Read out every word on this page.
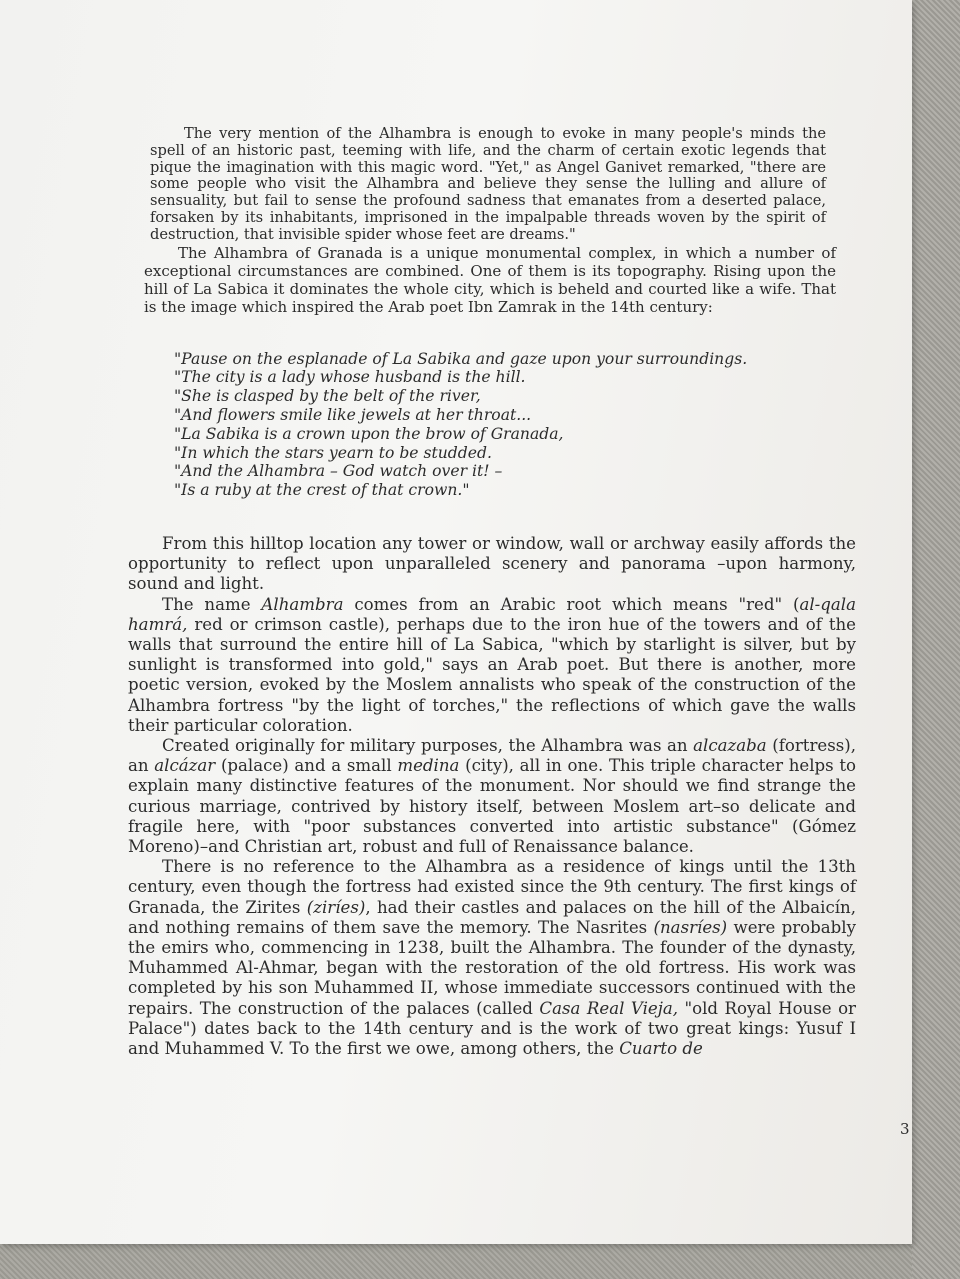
The very mention of the Alhambra is enough to evoke in many people's minds the spell of an historic past, teeming with life, and the charm of certain exotic legends that pique the imagination with this magic word. "Yet," as Angel Ganivet remarked, "there are some people who visit the Alhambra and believe they sense the lulling and allure of sensuality, but fail to sense the profound sadness that emanates from a deserted palace, forsaken by its inhabitants, imprisoned in the impalpable threads woven by the spirit of destruction, that invisible spider whose feet are dreams."

The Alhambra of Granada is a unique monumental complex, in which a number of exceptional circumstances are combined. One of them is its topography. Rising upon the hill of La Sabica it dominates the whole city, which is beheld and courted like a wife. That is the image which inspired the Arab poet Ibn Zamrak in the 14th century:

"Pause on the esplanade of La Sabika and gaze upon your surroundings.
"The city is a lady whose husband is the hill.
"She is clasped by the belt of the river,
"And flowers smile like jewels at her throat...
"La Sabika is a crown upon the brow of Granada,
"In which the stars yearn to be studded.
"And the Alhambra – God watch over it! –
"Is a ruby at the crest of that crown."

From this hilltop location any tower or window, wall or archway easily affords the opportunity to reflect upon unparalleled scenery and panorama –upon harmony, sound and light.

The name Alhambra comes from an Arabic root which means "red" (al-qala hamrá, red or crimson castle), perhaps due to the iron hue of the towers and of the walls that surround the entire hill of La Sabica, "which by starlight is silver, but by sunlight is transformed into gold," says an Arab poet. But there is another, more poetic version, evoked by the Moslem annalists who speak of the construction of the Alhambra fortress "by the light of torches," the reflections of which gave the walls their particular coloration.

Created originally for military purposes, the Alhambra was an alcazaba (fortress), an alcázar (palace) and a small medina (city), all in one. This triple character helps to explain many distinctive features of the monument. Nor should we find strange the curious marriage, contrived by history itself, between Moslem art–so delicate and fragile here, with "poor substances converted into artistic substance" (Gómez Moreno)–and Christian art, robust and full of Renaissance balance.

There is no reference to the Alhambra as a residence of kings until the 13th century, even though the fortress had existed since the 9th century. The first kings of Granada, the Zirites (ziríes), had their castles and palaces on the hill of the Albaicín, and nothing remains of them save the memory. The Nasrites (nasríes) were probably the emirs who, commencing in 1238, built the Alhambra. The founder of the dynasty, Muhammed Al-Ahmar, began with the restoration of the old fortress. His work was completed by his son Muhammed II, whose immediate successors continued with the repairs. The construction of the palaces (called Casa Real Vieja, "old Royal House or Palace") dates back to the 14th century and is the work of two great kings: Yusuf I and Muhammed V. To the first we owe, among others, the Cuarto de

3
